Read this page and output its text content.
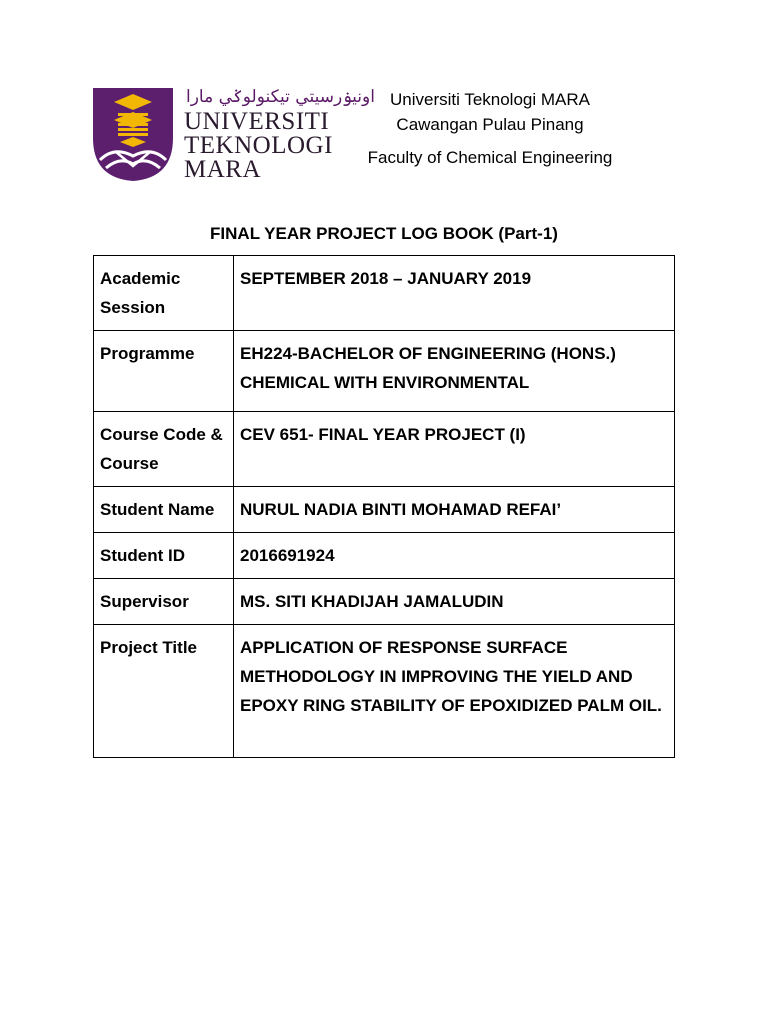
اونيۏرسيتي تيکنولوݢي مارا
UNIVERSITI
TEKNOLOGI
MARA
Universiti Teknologi MARA
Cawangan Pulau Pinang
Faculty of Chemical Engineering
FINAL YEAR PROJECT LOG BOOK (Part-1)
Academic Session	SEPTEMBER 2018 – JANUARY 2019
Programme	EH224-BACHELOR OF ENGINEERING (HONS.) CHEMICAL WITH ENVIRONMENTAL
Course Code & Course	CEV 651- FINAL YEAR PROJECT (I)
Student Name	NURUL NADIA BINTI MOHAMAD REFAI’
Student ID	2016691924
Supervisor	MS. SITI KHADIJAH JAMALUDIN
Project Title	APPLICATION OF RESPONSE SURFACE METHODOLOGY IN IMPROVING THE YIELD AND EPOXY RING STABILITY OF EPOXIDIZED PALM OIL.
